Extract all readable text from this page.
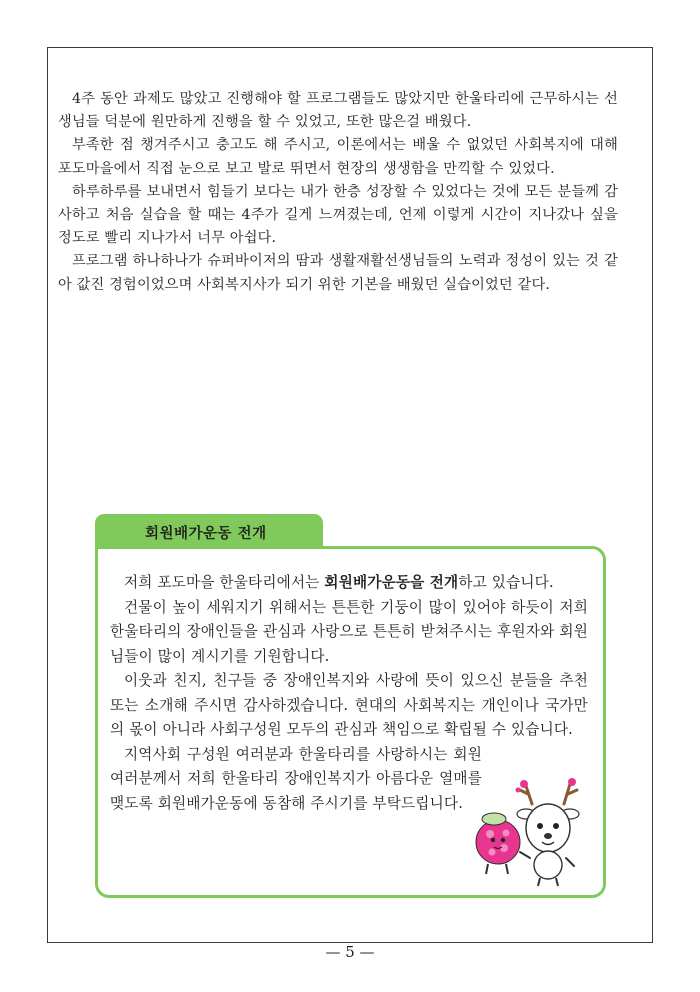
4주 동안 과제도 많았고 진행해야 할 프로그램들도 많았지만 한울타리에 근무하시는 선생님들 덕분에 원만하게 진행을 할 수 있었고, 또한 많은걸 배웠다.

부족한 점 챙겨주시고 충고도 해 주시고, 이론에서는 배울 수 없었던 사회복지에 대해 포도마을에서 직접 눈으로 보고 발로 뛰면서 현장의 생생함을 만끽할 수 있었다.

하루하루를 보내면서 힘들기 보다는 내가 한층 성장할 수 있었다는 것에 모든 분들께 감사하고 처음 실습을 할 때는 4주가 길게 느껴졌는데, 언제 이렇게 시간이 지나갔나 싶을 정도로 빨리 지나가서 너무 아쉽다.

프로그램 하나하나가 슈퍼바이저의 땀과 생활재활선생님들의 노력과 정성이 있는 것 같아 값진 경험이었으며 사회복지사가 되기 위한 기본을 배웠던 실습이었던 같다.

회원배가운동 전개

저희 포도마을 한울타리에서는 회원배가운동을 전개하고 있습니다.

건물이 높이 세워지기 위해서는 튼튼한 기둥이 많이 있어야 하듯이 저희 한울타리의 장애인들을 관심과 사랑으로 튼튼히 받쳐주시는 후원자와 회원님들이 많이 계시기를 기원합니다.

이웃과 친지, 친구들 중 장애인복지와 사랑에 뜻이 있으신 분들을 추천 또는 소개해 주시면 감사하겠습니다. 현대의 사회복지는 개인이나 국가만의 몫이 아니라 사회구성원 모두의 관심과 책임으로 확립될 수 있습니다.

지역사회 구성원 여러분과 한울타리를 사랑하시는 회원여러분께서 저희 한울타리 장애인복지가 아름다운 열매를 맺도록 회원배가운동에 동참해 주시기를 부탁드립니다.

— 5 —
